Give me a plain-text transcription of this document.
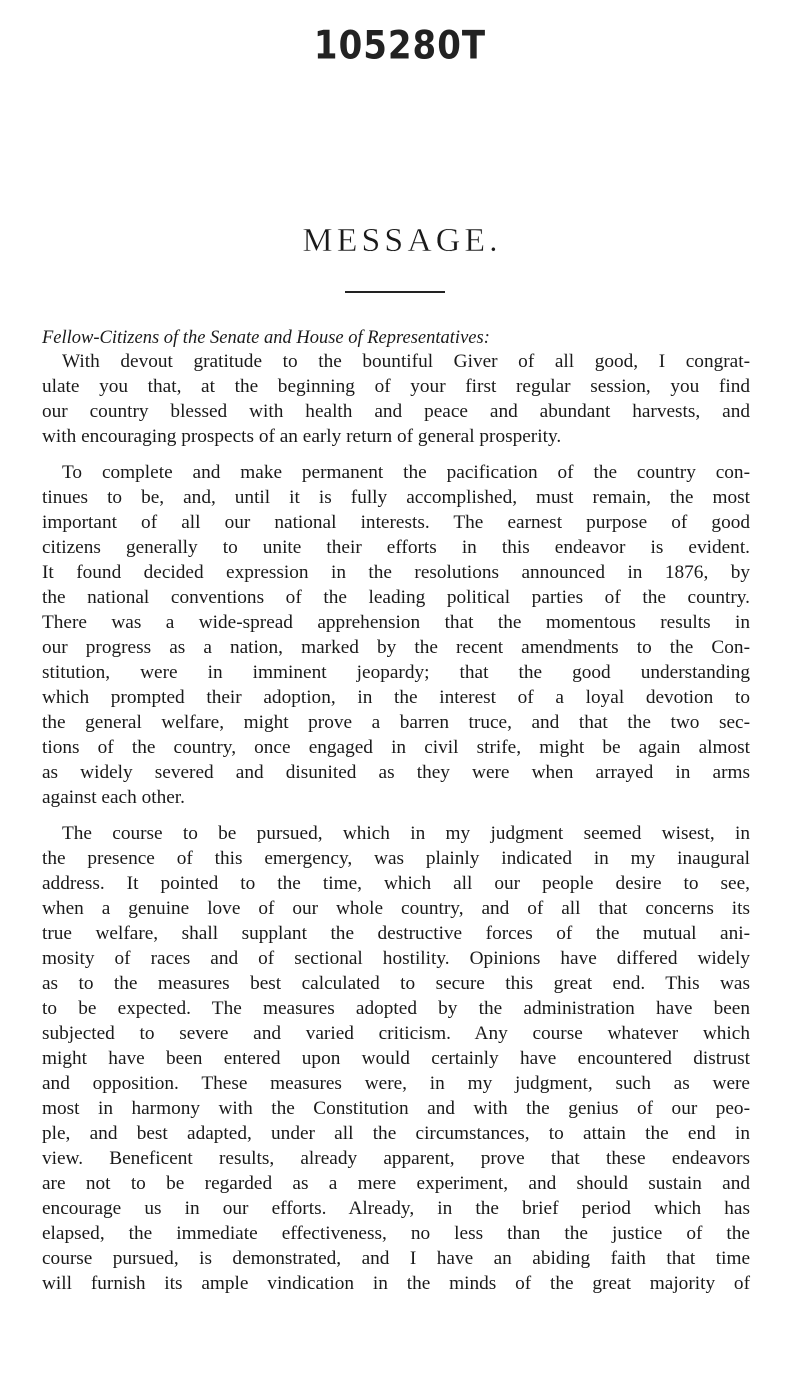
105280T
MESSAGE.
Fellow-Citizens of the Senate and House of Representatives:
With devout gratitude to the bountiful Giver of all good, I congrat-
ulate you that, at the beginning of your first regular session, you find
our country blessed with health and peace and abundant harvests, and
with encouraging prospects of an early return of general prosperity.
To complete and make permanent the pacification of the country con-
tinues to be, and, until it is fully accomplished, must remain, the most
important of all our national interests. The earnest purpose of good
citizens generally to unite their efforts in this endeavor is evident.
It found decided expression in the resolutions announced in 1876, by
the national conventions of the leading political parties of the country.
There was a wide-spread apprehension that the momentous results in
our progress as a nation, marked by the recent amendments to the Con-
stitution, were in imminent jeopardy; that the good understanding
which prompted their adoption, in the interest of a loyal devotion to
the general welfare, might prove a barren truce, and that the two sec-
tions of the country, once engaged in civil strife, might be again almost
as widely severed and disunited as they were when arrayed in arms
against each other.
The course to be pursued, which in my judgment seemed wisest, in
the presence of this emergency, was plainly indicated in my inaugural
address. It pointed to the time, which all our people desire to see,
when a genuine love of our whole country, and of all that concerns its
true welfare, shall supplant the destructive forces of the mutual ani-
mosity of races and of sectional hostility. Opinions have differed widely
as to the measures best calculated to secure this great end. This was
to be expected. The measures adopted by the administration have been
subjected to severe and varied criticism. Any course whatever which
might have been entered upon would certainly have encountered distrust
and opposition. These measures were, in my judgment, such as were
most in harmony with the Constitution and with the genius of our peo-
ple, and best adapted, under all the circumstances, to attain the end in
view. Beneficent results, already apparent, prove that these endeavors
are not to be regarded as a mere experiment, and should sustain and
encourage us in our efforts. Already, in the brief period which has
elapsed, the immediate effectiveness, no less than the justice of the
course pursued, is demonstrated, and I have an abiding faith that time
will furnish its ample vindication in the minds of the great majority of
